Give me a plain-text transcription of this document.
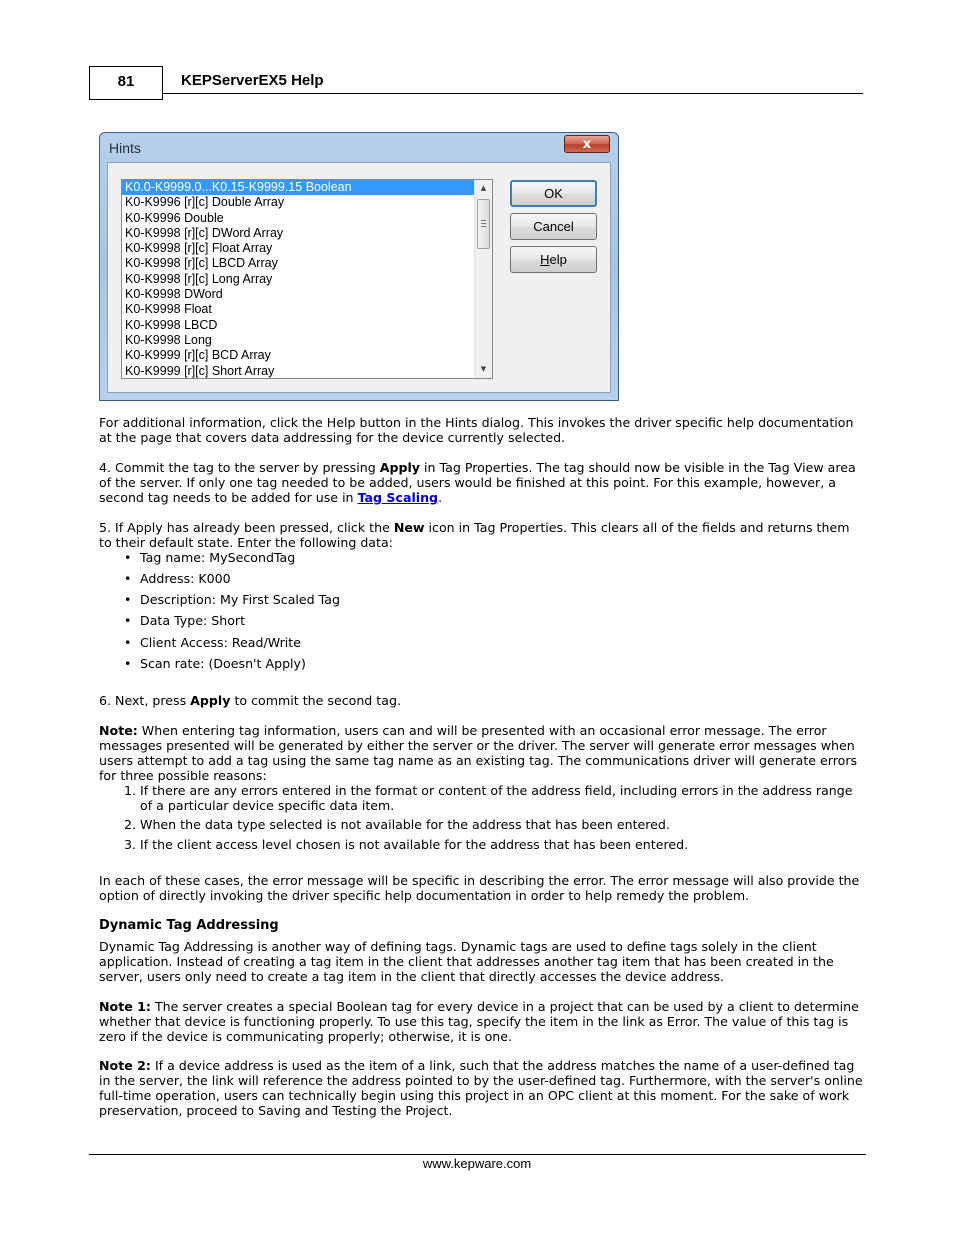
81	KEPServerEX5 Help
Hints	x
K0.0-K9999.0...K0.15-K9999.15 Boolean
K0-K9996 [r][c] Double Array
K0-K9996 Double
K0-K9998 [r][c] DWord Array
K0-K9998 [r][c] Float Array
K0-K9998 [r][c] LBCD Array
K0-K9998 [r][c] Long Array
K0-K9998 DWord
K0-K9998 Float
K0-K9998 LBCD
K0-K9998 Long
K0-K9999 [r][c] BCD Array
K0-K9999 [r][c] Short Array
▲
▼
OK
Cancel
Help
For additional information, click the Help button in the Hints dialog. This invokes the driver specific help documentation at the page that covers data addressing for the device currently selected.
4. Commit the tag to the server by pressing Apply in Tag Properties. The tag should now be visible in the Tag View area of the server. If only one tag needed to be added, users would be finished at this point. For this example, however, a second tag needs to be added for use in Tag Scaling.
5. If Apply has already been pressed, click the New icon in Tag Properties. This clears all of the fields and returns them to their default state. Enter the following data:
• Tag name: MySecondTag
• Address: K000
• Description: My First Scaled Tag
• Data Type: Short
• Client Access: Read/Write
• Scan rate: (Doesn't Apply)
6. Next, press Apply to commit the second tag.
Note: When entering tag information, users can and will be presented with an occasional error message. The error messages presented will be generated by either the server or the driver. The server will generate error messages when users attempt to add a tag using the same tag name as an existing tag. The communications driver will generate errors for three possible reasons:
1. If there are any errors entered in the format or content of the address field, including errors in the address range of a particular device specific data item.
2. When the data type selected is not available for the address that has been entered.
3. If the client access level chosen is not available for the address that has been entered.
In each of these cases, the error message will be specific in describing the error. The error message will also provide the option of directly invoking the driver specific help documentation in order to help remedy the problem.
Dynamic Tag Addressing
Dynamic Tag Addressing is another way of defining tags. Dynamic tags are used to define tags solely in the client application. Instead of creating a tag item in the client that addresses another tag item that has been created in the server, users only need to create a tag item in the client that directly accesses the device address.
Note 1: The server creates a special Boolean tag for every device in a project that can be used by a client to determine whether that device is functioning properly. To use this tag, specify the item in the link as Error. The value of this tag is zero if the device is communicating properly; otherwise, it is one.
Note 2: If a device address is used as the item of a link, such that the address matches the name of a user-defined tag in the server, the link will reference the address pointed to by the user-defined tag. Furthermore, with the server's online full-time operation, users can technically begin using this project in an OPC client at this moment. For the sake of work preservation, proceed to Saving and Testing the Project.
www.kepware.com
